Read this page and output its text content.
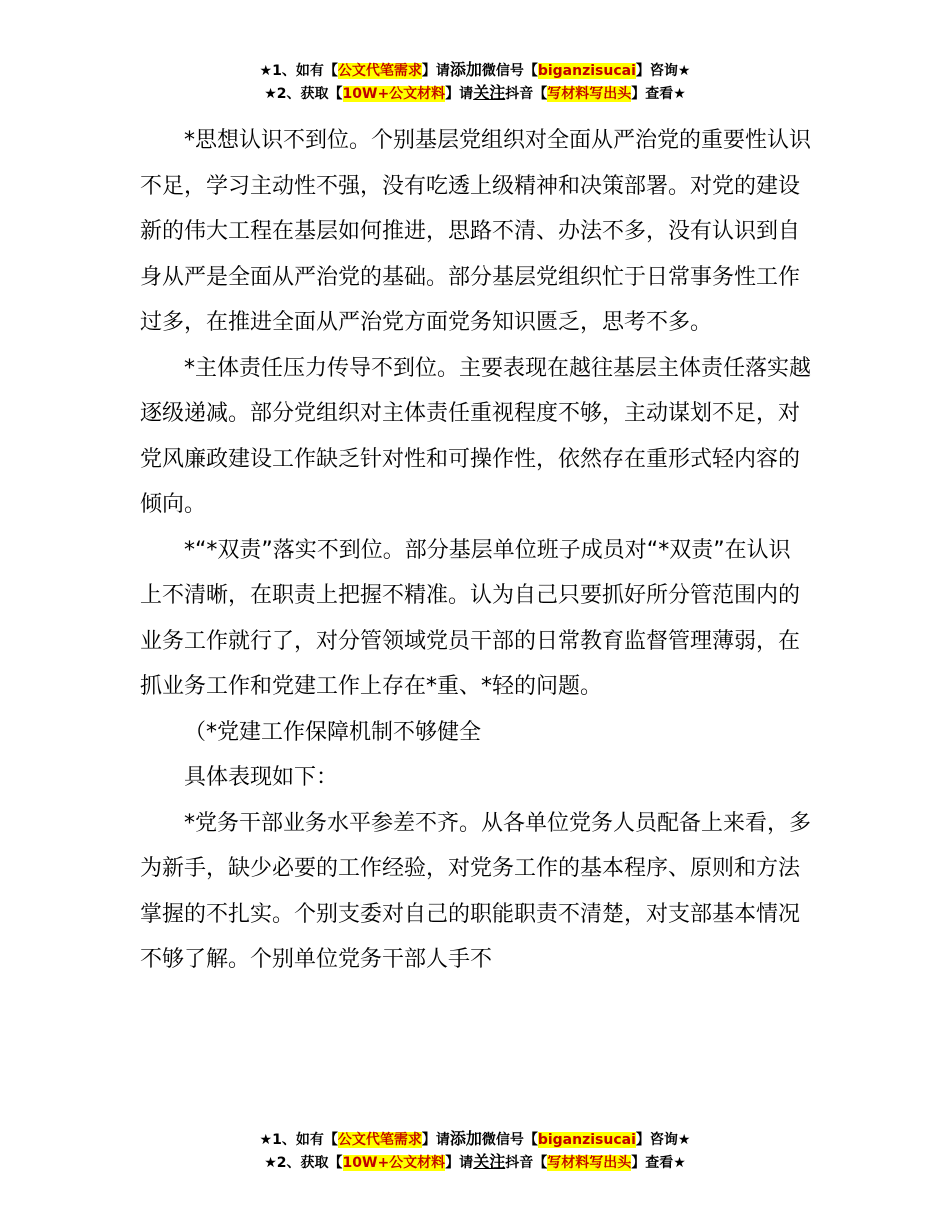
★1、如有【公文代笔需求】请添加微信号【biganzisucai】咨询★
★2、获取【10W+公文材料】请关注抖音【写材料写出头】查看★

*思想认识不到位。个别基层党组织对全面从严治党的重要性认识不足，学习主动性不强，没有吃透上级精神和决策部署。对党的建设新的伟大工程在基层如何推进，思路不清、办法不多，没有认识到自身从严是全面从严治党的基础。部分基层党组织忙于日常事务性工作过多，在推进全面从严治党方面党务知识匮乏，思考不多。

*主体责任压力传导不到位。主要表现在越往基层主体责任落实越逐级递减。部分党组织对主体责任重视程度不够，主动谋划不足，对党风廉政建设工作缺乏针对性和可操作性，依然存在重形式轻内容的倾向。

*“*双责”落实不到位。部分基层单位班子成员对“*双责”在认识上不清晰，在职责上把握不精准。认为自己只要抓好所分管范围内的业务工作就行了，对分管领域党员干部的日常教育监督管理薄弱，在抓业务工作和党建工作上存在*重、*轻的问题。

（*党建工作保障机制不够健全

具体表现如下：

*党务干部业务水平参差不齐。从各单位党务人员配备上来看，多为新手，缺少必要的工作经验，对党务工作的基本程序、原则和方法掌握的不扎实。个别支委对自己的职能职责不清楚，对支部基本情况不够了解。个别单位党务干部人手不

★1、如有【公文代笔需求】请添加微信号【biganzisucai】咨询★
★2、获取【10W+公文材料】请关注抖音【写材料写出头】查看★
